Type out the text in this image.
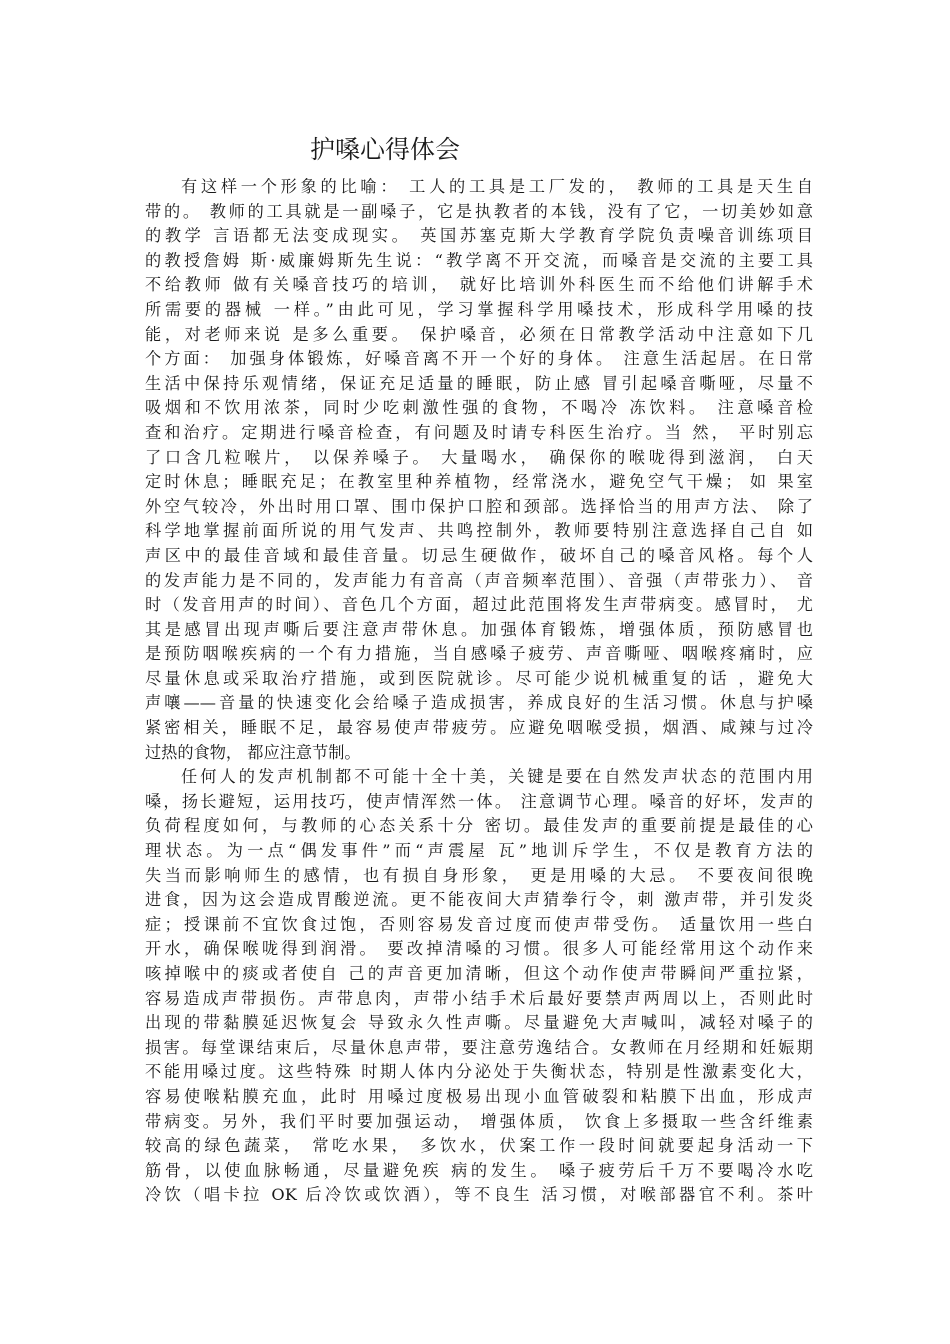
护嗓心得体会
有这样一个形象的比喻： 工人的工具是工厂发的， 教师的工具是天生自
带的。 教师的工具就是一副嗓子，它是执教者的本钱，没有了它，一切美妙如意
的教学 言语都无法变成现实。 英国苏塞克斯大学教育学院负责噪音训练项目
的教授詹姆 斯·威廉姆斯先生说：“教学离不开交流，而嗓音是交流的主要工具
不给教师 做有关嗓音技巧的培训， 就好比培训外科医生而不给他们讲解手术
所需要的器械 一样。”由此可见，学习掌握科学用嗓技术，形成科学用嗓的技
能，对老师来说 是多么重要。 保护嗓音，必须在日常教学活动中注意如下几
个方面： 加强身体锻炼，好嗓音离不开一个好的身体。 注意生活起居。在日常
生活中保持乐观情绪，保证充足适量的睡眠，防止感 冒引起嗓音嘶哑，尽量不
吸烟和不饮用浓茶，同时少吃刺激性强的食物，不喝冷 冻饮料。 注意嗓音检
查和治疗。定期进行嗓音检查，有问题及时请专科医生治疗。当 然， 平时别忘
了口含几粒喉片， 以保养嗓子。 大量喝水， 确保你的喉咙得到滋润， 白天
定时休息；睡眠充足；在教室里种养植物，经常浇水，避免空气干燥； 如 果室
外空气较冷，外出时用口罩、围巾保护口腔和颈部。选择恰当的用声方法、 除了
科学地掌握前面所说的用气发声、共鸣控制外，教师要特别注意选择自己自 如
声区中的最佳音域和最佳音量。切忌生硬做作，破坏自己的嗓音风格。每个人
的发声能力是不同的，发声能力有音高（声音频率范围）、音强（声带张力）、 音
时（发音用声的时间）、音色几个方面，超过此范围将发生声带病变。感冒时， 尤
其是感冒出现声嘶后要注意声带休息。加强体育锻炼，增强体质，预防感冒也
是预防咽喉疾病的一个有力措施，当自感嗓子疲劳、声音嘶哑、咽喉疼痛时，应
尽量休息或采取治疗措施，或到医院就诊。尽可能少说机械重复的话 ，避免大
声嚷——音量的快速变化会给嗓子造成损害，养成良好的生活习惯。休息与护嗓
紧密相关，睡眠不足，最容易使声带疲劳。应避免咽喉受损，烟酒、咸辣与过冷
过热的食物， 都应注意节制。
任何人的发声机制都不可能十全十美，关键是要在自然发声状态的范围内用
嗓，扬长避短，运用技巧，使声情浑然一体。 注意调节心理。嗓音的好坏，发声的
负荷程度如何，与教师的心态关系十分 密切。最佳发声的重要前提是最佳的心
理状态。为一点“偶发事件”而“声震屋 瓦”地训斥学生，不仅是教育方法的
失当而影响师生的感情，也有损自身形象， 更是用嗓的大忌。 不要夜间很晚
进食，因为这会造成胃酸逆流。更不能夜间大声猜拳行令，刺 激声带，并引发炎
症；授课前不宜饮食过饱，否则容易发音过度而使声带受伤。 适量饮用一些白
开水，确保喉咙得到润滑。 要改掉清嗓的习惯。很多人可能经常用这个动作来
咳掉喉中的痰或者使自 己的声音更加清晰，但这个动作使声带瞬间严重拉紧，
容易造成声带损伤。声带息肉，声带小结手术后最好要禁声两周以上，否则此时
出现的带黏膜延迟恢复会 导致永久性声嘶。尽量避免大声喊叫，减轻对嗓子的
损害。每堂课结束后，尽量休息声带，要注意劳逸结合。女教师在月经期和妊娠期
不能用嗓过度。这些特殊 时期人体内分泌处于失衡状态，特别是性激素变化大，
容易使喉粘膜充血，此时 用嗓过度极易出现小血管破裂和粘膜下出血，形成声
带病变。另外，我们平时要加强运动， 增强体质， 饮食上多摄取一些含纤维素
较高的绿色蔬菜， 常吃水果， 多饮水，伏案工作一段时间就要起身活动一下
筋骨，以使血脉畅通，尽量避免疾 病的发生。 嗓子疲劳后千万不要喝冷水吃
冷饮（唱卡拉 OK 后冷饮或饮酒），等不良生 活习惯，对喉部器官不利。茶叶
